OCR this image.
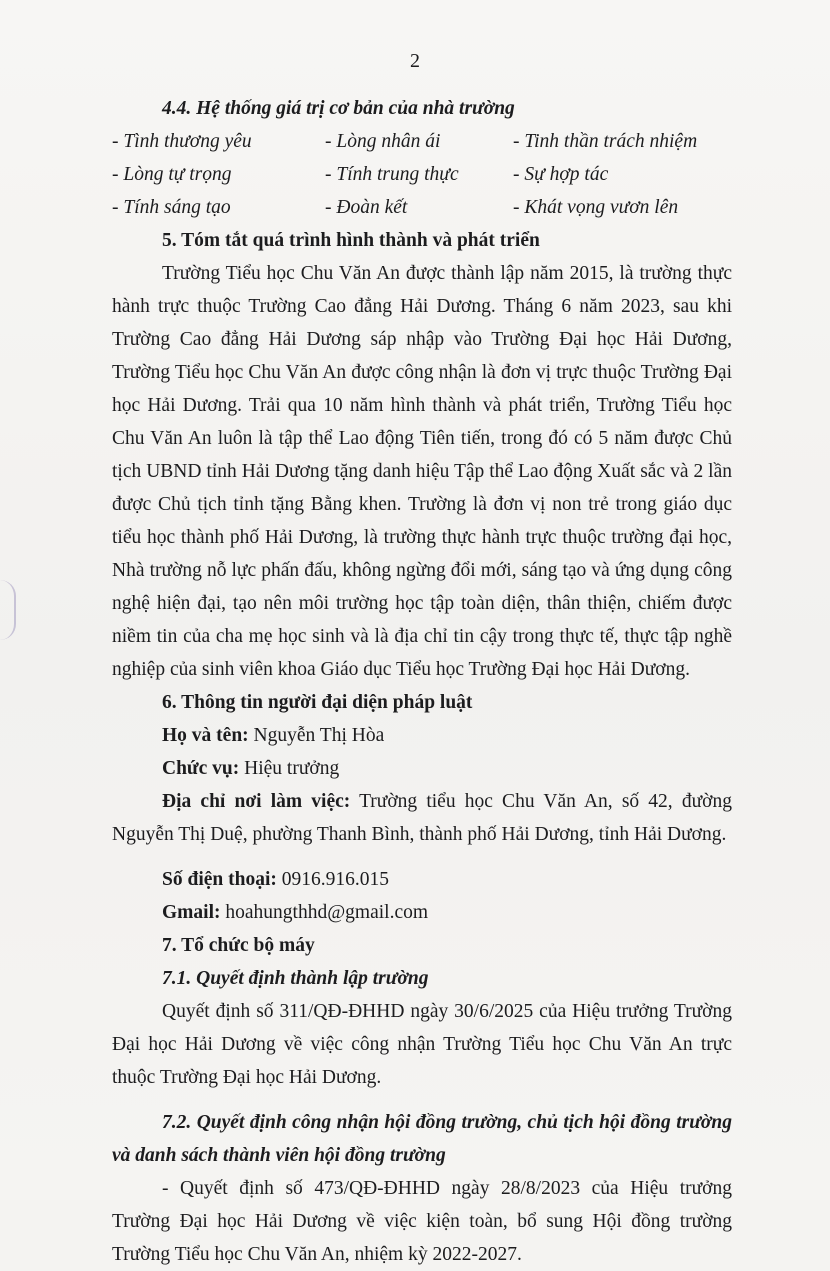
2
4.4. Hệ thống giá trị cơ bản của nhà trường
- Tình thương yêu	- Lòng nhân ái	- Tinh thần trách nhiệm
- Lòng tự trọng	- Tính trung thực	- Sự hợp tác
- Tính sáng tạo	- Đoàn kết	- Khát vọng vươn lên
5. Tóm tắt quá trình hình thành và phát triển
Trường Tiểu học Chu Văn An được thành lập năm 2015, là trường thực hành trực thuộc Trường Cao đẳng Hải Dương. Tháng 6 năm 2023, sau khi Trường Cao đẳng Hải Dương sáp nhập vào Trường Đại học Hải Dương, Trường Tiểu học Chu Văn An được công nhận là đơn vị trực thuộc Trường Đại học Hải Dương. Trải qua 10 năm hình thành và phát triển, Trường Tiểu học Chu Văn An luôn là tập thể Lao động Tiên tiến, trong đó có 5 năm được Chủ tịch UBND tỉnh Hải Dương tặng danh hiệu Tập thể Lao động Xuất sắc và 2 lần được Chủ tịch tỉnh tặng Bằng khen. Trường là đơn vị non trẻ trong giáo dục tiểu học thành phố Hải Dương, là trường thực hành trực thuộc trường đại học, Nhà trường nỗ lực phấn đấu, không ngừng đổi mới, sáng tạo và ứng dụng công nghệ hiện đại, tạo nên môi trường học tập toàn diện, thân thiện, chiếm được niềm tin của cha mẹ học sinh và là địa chỉ tin cậy trong thực tế, thực tập nghề nghiệp của sinh viên khoa Giáo dục Tiểu học Trường Đại học Hải Dương.
6. Thông tin người đại diện pháp luật
Họ và tên: Nguyễn Thị Hòa
Chức vụ: Hiệu trưởng
Địa chỉ nơi làm việc: Trường tiểu học Chu Văn An, số 42, đường Nguyễn Thị Duệ, phường Thanh Bình, thành phố Hải Dương, tỉnh Hải Dương.
Số điện thoại: 0916.916.015
Gmail: hoahungthhd@gmail.com
7. Tổ chức bộ máy
7.1. Quyết định thành lập trường
Quyết định số 311/QĐ-ĐHHD ngày 30/6/2025 của Hiệu trưởng Trường Đại học Hải Dương về việc công nhận Trường Tiểu học Chu Văn An trực thuộc Trường Đại học Hải Dương.
7.2. Quyết định công nhận hội đồng trường, chủ tịch hội đồng trường và danh sách thành viên hội đồng trường
- Quyết định số 473/QĐ-ĐHHD ngày 28/8/2023 của Hiệu trưởng Trường Đại học Hải Dương về việc kiện toàn, bổ sung Hội đồng trường Trường Tiểu học Chu Văn An, nhiệm kỳ 2022-2027.
